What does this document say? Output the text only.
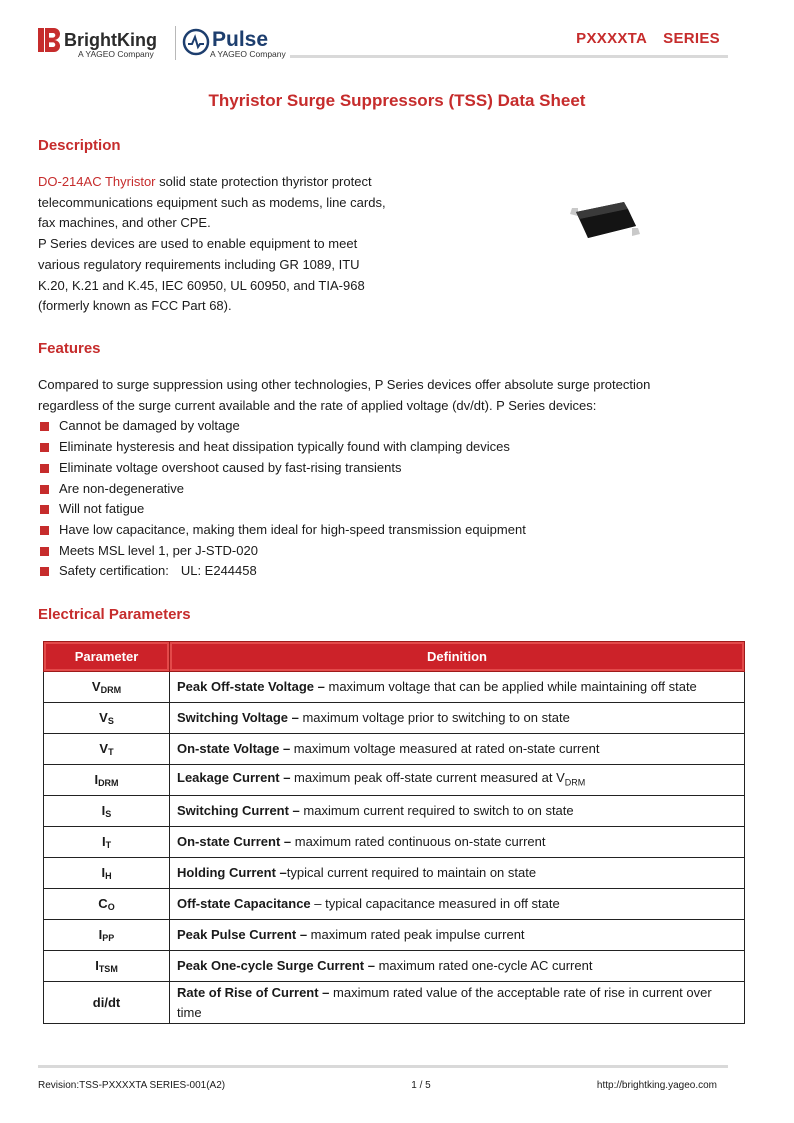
BrightKing
A YAGEO Company
Pulse
A YAGEO Company
PXXXXTA SERIES
Thyristor Surge Suppressors (TSS) Data Sheet
Description

DO-214AC Thyristor solid state protection thyristor protect

telecommunications equipment such as modems, line cards,

fax machines, and other CPE.

P Series devices are used to enable equipment to meet

various regulatory requirements including GR 1089, ITU

K.20, K.21 and K.45, IEC 60950, UL 60950, and TIA-968

(formerly known as FCC Part 68).

Features

Compared to surge suppression using other technologies, P Series devices offer absolute surge protection

regardless of the surge current available and the rate of applied voltage (dv/dt). P Series devices:

Cannot be damaged by voltage
Eliminate hysteresis and heat dissipation typically found with clamping devices
Eliminate voltage overshoot caused by fast-rising transients
Are non-degenerative
Will not fatigue
Have low capacitance, making them ideal for high-speed transmission equipment
Meets MSL level 1, per J-STD-020
Safety certification: UL: E244458
Electrical Parameters
Parameter	Definition
$V_{DRM}$	Peak Off-state Voltage – maximum voltage that can be applied while maintaining off state
$V_S$	Switching Voltage – maximum voltage prior to switching to on state
$V_T$	On-state Voltage – maximum voltage measured at rated on-state current
$I_{DRM}$	Leakage Current – maximum peak off-state current measured at $V_{DRM}$
$I_S$	Switching Current – maximum current required to switch to on state
$I_T$	On-state Current – maximum rated continuous on-state current
$I_H$	Holding Current –typical current required to maintain on state
$C_O$	Off-state Capacitance – typical capacitance measured in off state
$I_{PP}$	Peak Pulse Current – maximum rated peak impulse current
$I_{TSM}$	Peak One-cycle Surge Current – maximum rated one-cycle AC current
di/dt	Rate of Rise of Current – maximum rated value of the acceptable rate of rise in current over time
Revision:TSS-PXXXXTA SERIES-001(A2)	1 / 5	http://brightking.yageo.com
